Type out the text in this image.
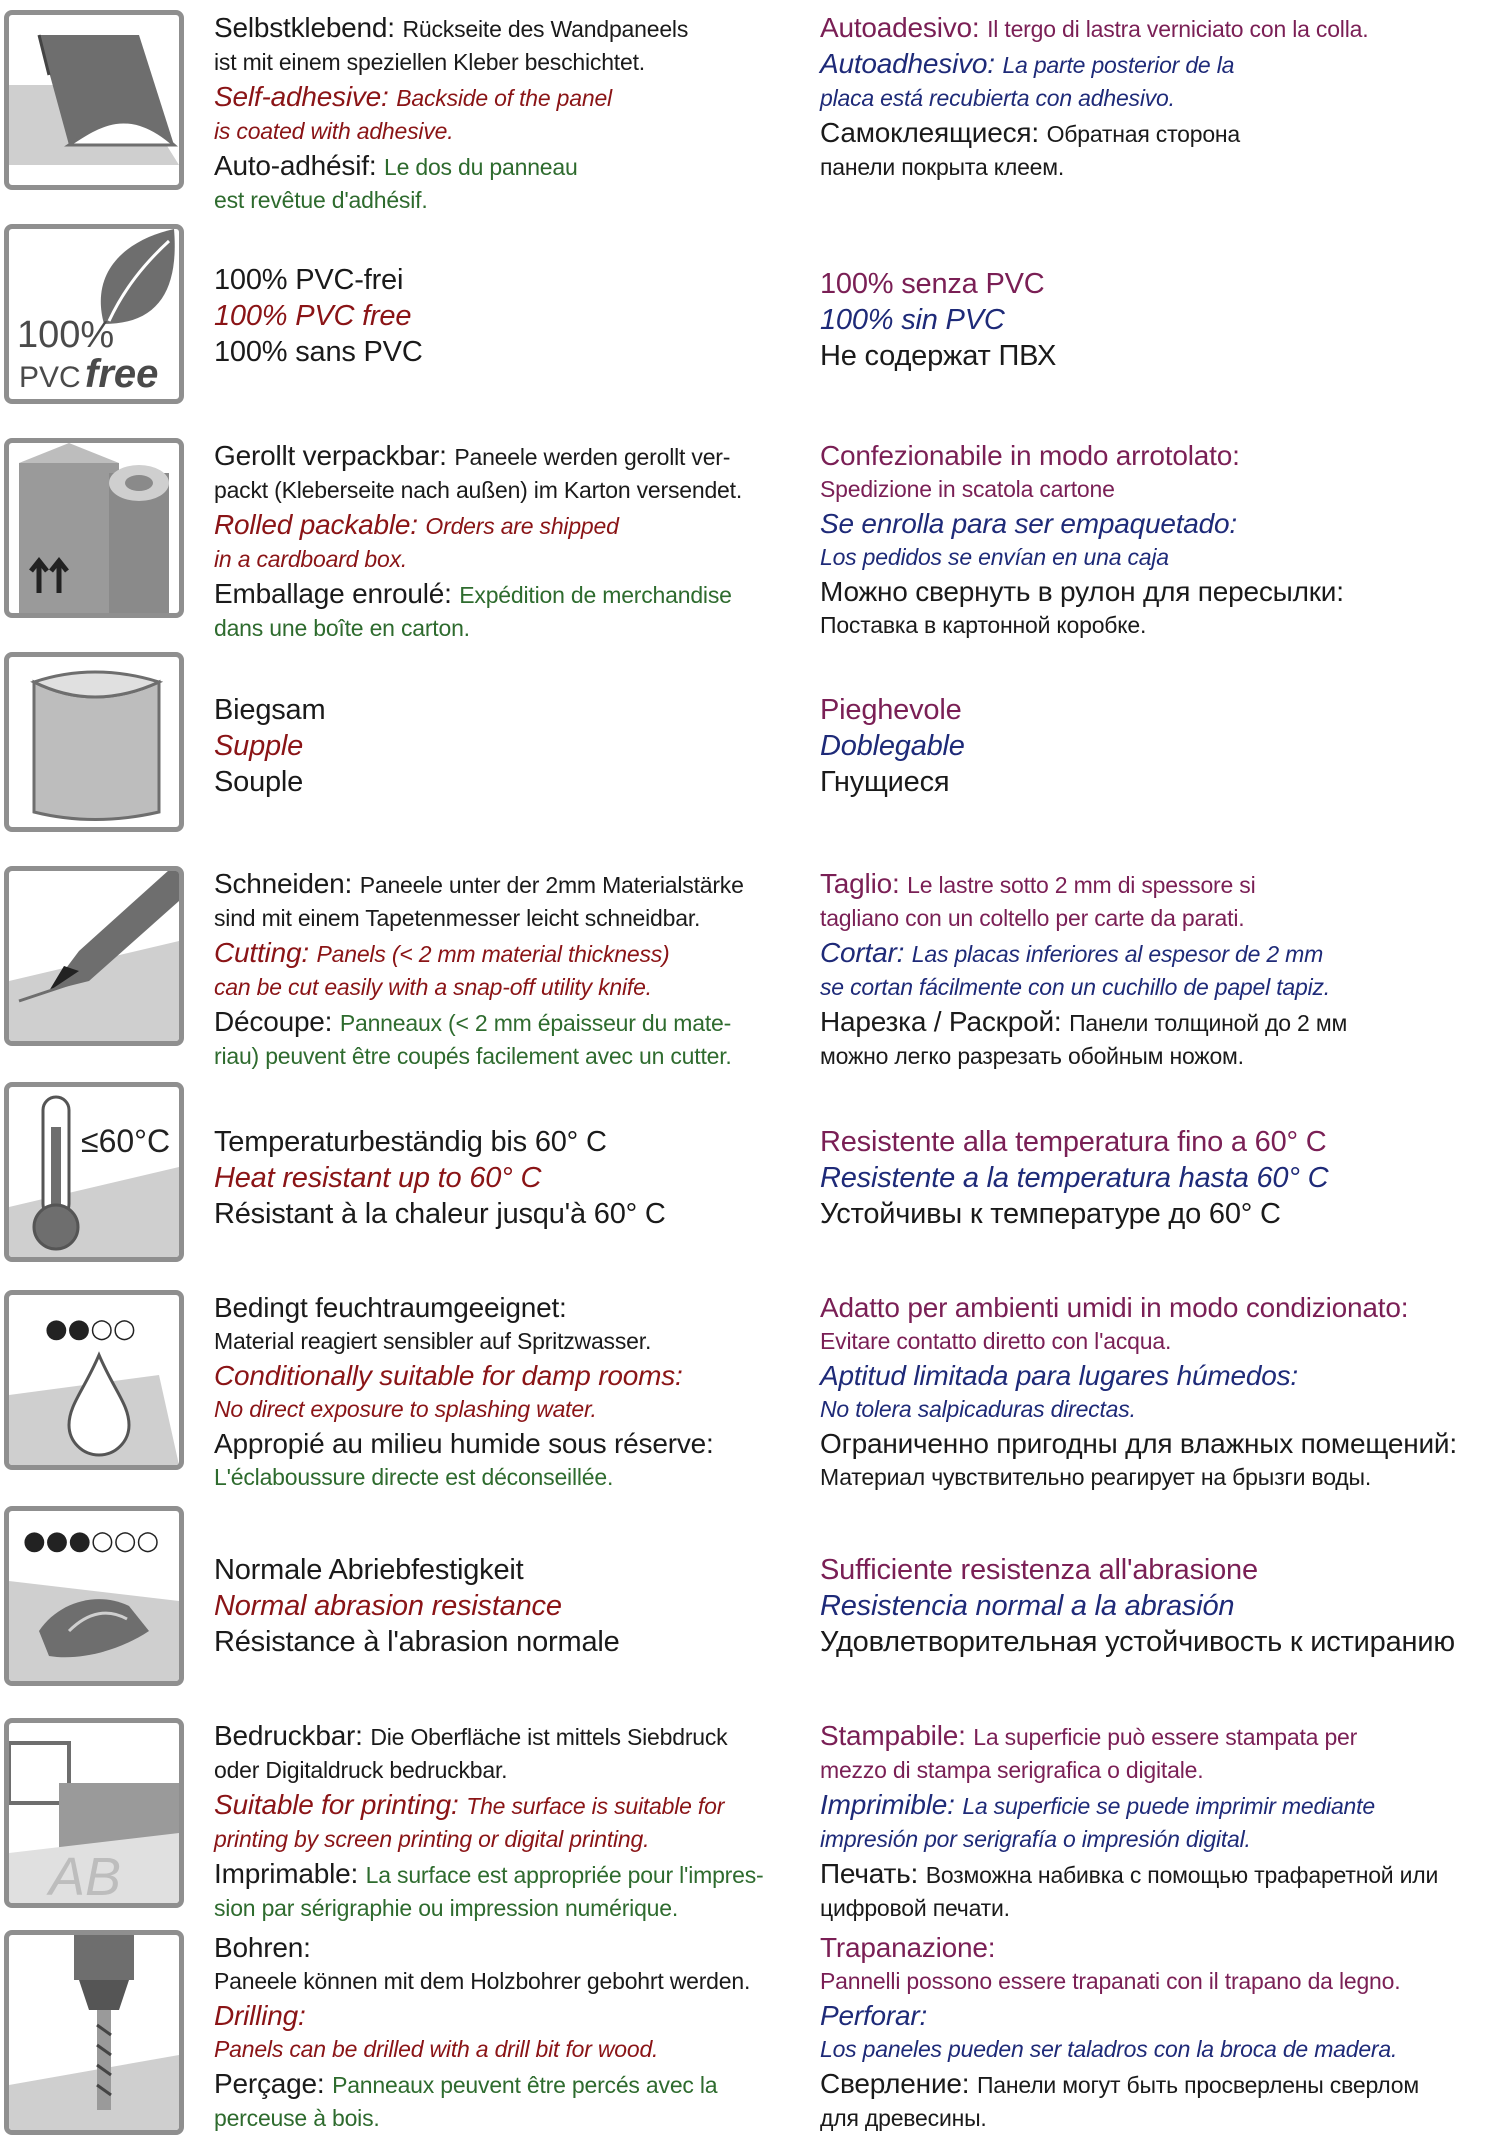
Selbstklebend: Rückseite des Wandpaneels
ist mit einem speziellen Kleber beschichtet.
Self-adhesive: Backside of the panel
is coated with adhesive.
Auto-adhésif: Le dos du panneau
est revêtue d'adhésif.
Autoadesivo: Il tergo di lastra verniciato con la colla.
Autoadhesivo: La parte posterior de la
placa está recubierta con adhesivo.
Самоклеящиеся: Обратная сторона
панели покрыта клеем.
100%
PVC free
100% PVC-frei
100% PVC free
100% sans PVC
100% senza PVC
100% sin PVC
Не содержат ПВХ
Gerollt verpackbar: Paneele werden gerollt ver-
packt (Kleberseite nach außen) im Karton versendet.
Rolled packable: Orders are shipped
in a cardboard box.
Emballage enroulé: Expédition de merchandise
dans une boîte en carton.
Confezionabile in modo arrotolato:
Spedizione in scatola cartone
Se enrolla para ser empaquetado:
Los pedidos se envían en una caja
Можно свернуть в рулон для пересылки:
Поставка в картонной коробке.
Biegsam
Supple
Souple
Pieghevole
Doblegable
Гнущиеся
Schneiden: Paneele unter der 2mm Materialstärke
sind mit einem Tapetenmesser leicht schneidbar.
Cutting: Panels (< 2 mm material thickness)
can be cut easily with a snap-off utility knife.
Découpe: Panneaux (< 2 mm épaisseur du mate-
riau) peuvent être coupés facilement avec un cutter.
Taglio: Le lastre sotto 2 mm di spessore si
tagliano con un coltello per carte da parati.
Cortar: Las placas inferiores al espesor de 2 mm
se cortan fácilmente con un cuchillo de papel tapiz.
Нарезка / Раскрой: Панели толщиной до 2 мм
можно легко разрезать обойным ножом.
≤60°C Temperaturbeständig bis 60° C
Heat resistant up to 60° C
Résistant à la chaleur jusqu'à 60° C
Resistente alla temperatura fino a 60° C
Resistente a la temperatura hasta 60° C
Устойчивы к температуре до 60° C
●●○○
Bedingt feuchtraumgeeignet:
Material reagiert sensibler auf Spritzwasser.
Conditionally suitable for damp rooms:
No direct exposure to splashing water.
Appropié au milieu humide sous réserve:
L'éclaboussure directe est déconseillée.
Adatto per ambienti umidi in modo condizionato:
Evitare contatto diretto con l'acqua.
Aptitud limitada para lugares húmedos:
No tolera salpicaduras directas.
Ограниченно пригодны для влажных помещений:
Материал чувствительно реагирует на брызги воды.
●●●○○○
Normale Abriebfestigkeit
Normal abrasion resistance
Résistance à l'abrasion normale
Sufficiente resistenza all'abrasione
Resistencia normal a la abrasión
Удовлетворительная устойчивость к истиранию
AB
Bedruckbar: Die Oberfläche ist mittels Siebdruck
oder Digitaldruck bedruckbar.
Suitable for printing: The surface is suitable for
printing by screen printing or digital printing.
Imprimable: La surface est appropriée pour l'impres-
sion par sérigraphie ou impression numérique.
Stampabile: La superficie può essere stampata per
mezzo di stampa serigrafica o digitale.
Imprimible: La superficie se puede imprimir mediante
impresión por serigrafía o impresión digital.
Печать: Возможна набивка с помощью трафаретной или
цифровой печати.
Bohren:
Paneele können mit dem Holzbohrer gebohrt werden.
Drilling:
Panels can be drilled with a drill bit for wood.
Perçage: Panneaux peuvent être percés avec la
perceuse à bois.
Trapanazione:
Pannelli possono essere trapanati con il trapano da legno.
Perforar:
Los paneles pueden ser taladros con la broca de madera.
Сверление: Панели могут быть просверлены сверлом
для древесины.
